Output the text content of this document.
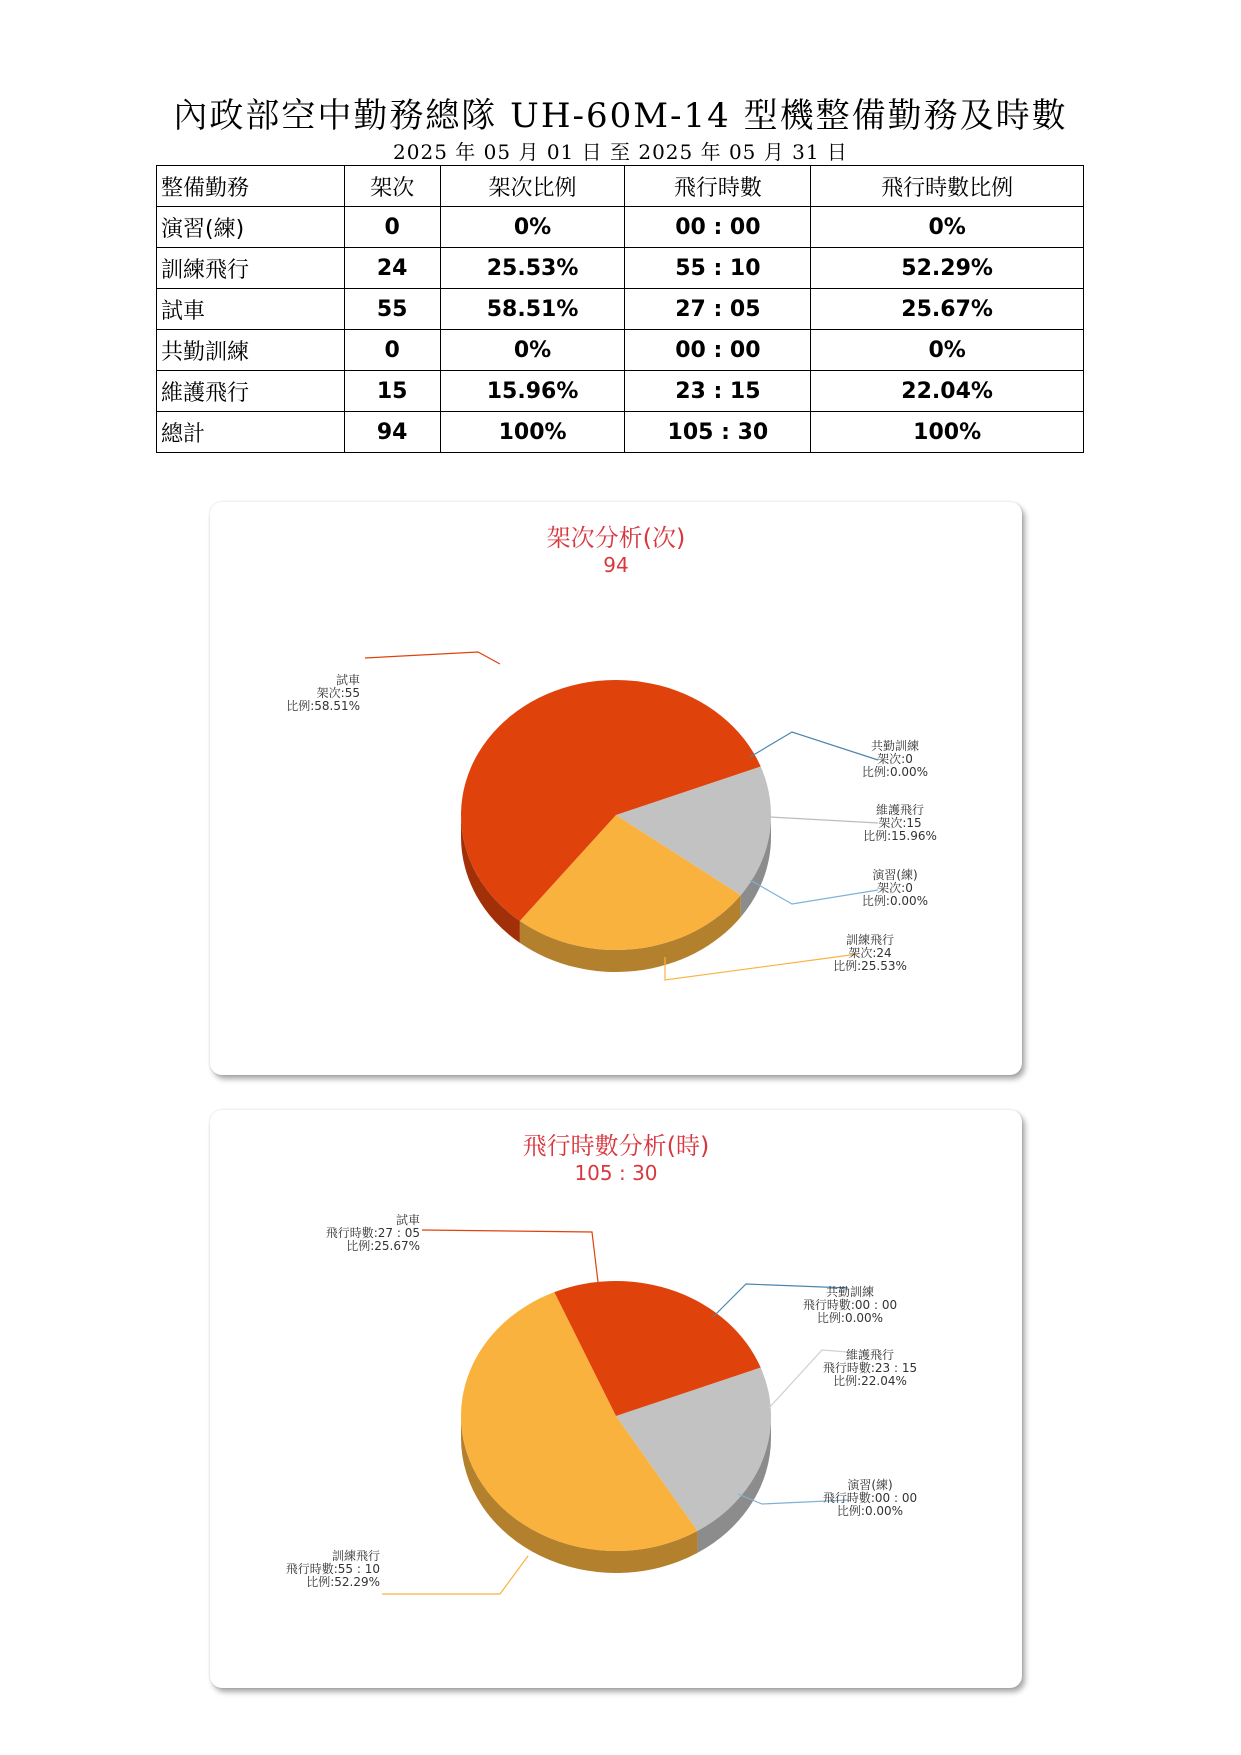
內政部空中勤務總隊 UH-60M-14 型機整備勤務及時數
2025 年 05 月 01 日 至 2025 年 05 月 31 日
整備勤務	架次	架次比例	飛行時數	飛行時數比例
演習(練)	0	0%	00 : 00	0%
訓練飛行	24	25.53%	55 : 10	52.29%
試車	55	58.51%	27 : 05	25.67%
共勤訓練	0	0%	00 : 00	0%
維護飛行	15	15.96%	23 : 15	22.04%
總計	94	100%	105 : 30	100%
架次分析(次)
94
試車
架次:55
比例:58.51%
共勤訓練
架次:0
比例:0.00%
維護飛行
架次:15
比例:15.96%
演習(練)
架次:0
比例:0.00%
訓練飛行
架次:24
比例:25.53%
飛行時數分析(時)
105 : 30
試車
飛行時數:27 : 05
比例:25.67%
共勤訓練
飛行時數:00 : 00
比例:0.00%
維護飛行
飛行時數:23 : 15
比例:22.04%
演習(練)
飛行時數:00 : 00
比例:0.00%
訓練飛行
飛行時數:55 : 10
比例:52.29%
